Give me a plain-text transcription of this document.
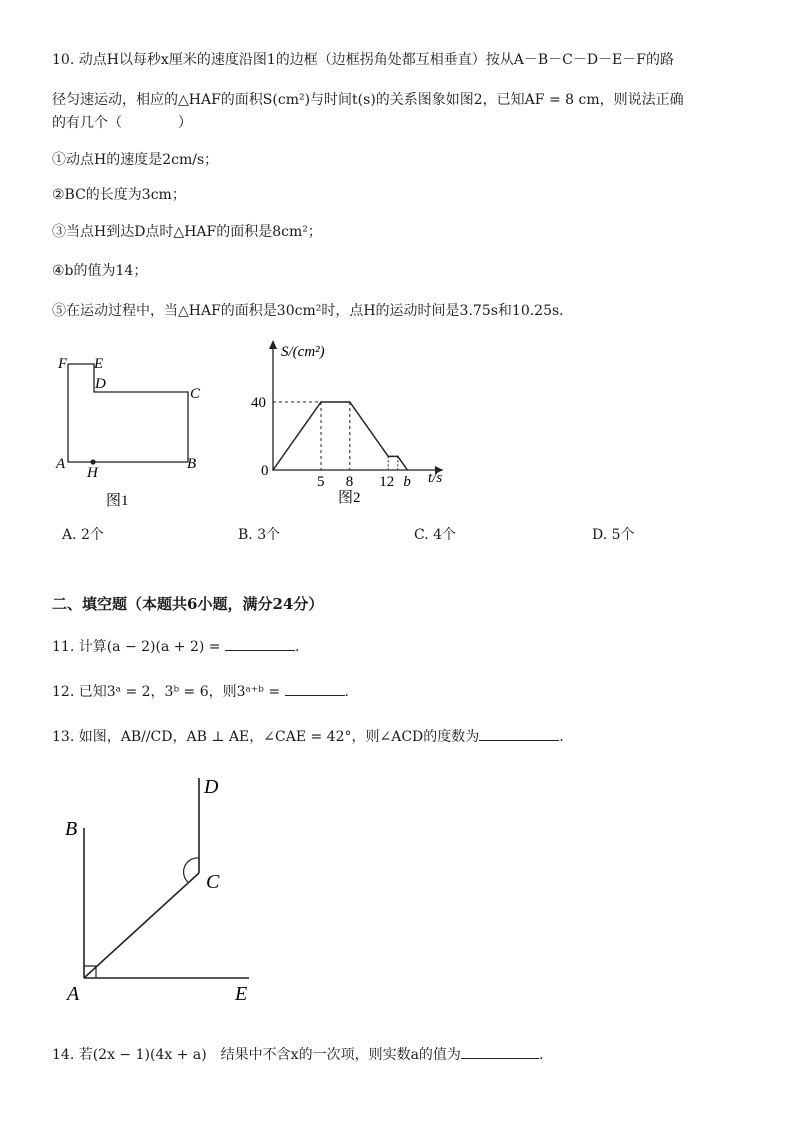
10. 动点H以每秒x厘米的速度沿图1的边框（边框拐角处都互相垂直）按从A－B－C－D－E－F的路
径匀速运动，相应的△HAF的面积S(cm²)与时间t(s)的关系图象如图2，已知AF = 8 cm，则说法正确
的有几个（　　　　）
①动点H的速度是2cm/s；
②BC的长度为3cm；
③当点H到达D点时△HAF的面积是8cm²；
④b的值为14；
⑤在运动过程中，当△HAF的面积是30cm²时，点H的运动时间是3.75s和10.25s．
F E
D
C
A	B
H
图1
S/(cm²)
t/s
0
40
5 8 12 b
图2
A. 2个	B. 3个	C. 4个	D. 5个
二、填空题（本题共6小题，满分24分）
11. 计算(a − 2)(a + 2) =	.
12. 已知3ᵃ = 2，3ᵇ = 6，则3ᵃ⁺ᵇ =	.
13. 如图，AB//CD，AB ⊥ AE，∠CAE = 42°，则∠ACD的度数为	.
B
D
C
A	E
14. 若(2x − 1)(4x + a)　结果中不含x的一次项，则实数a的值为	.
